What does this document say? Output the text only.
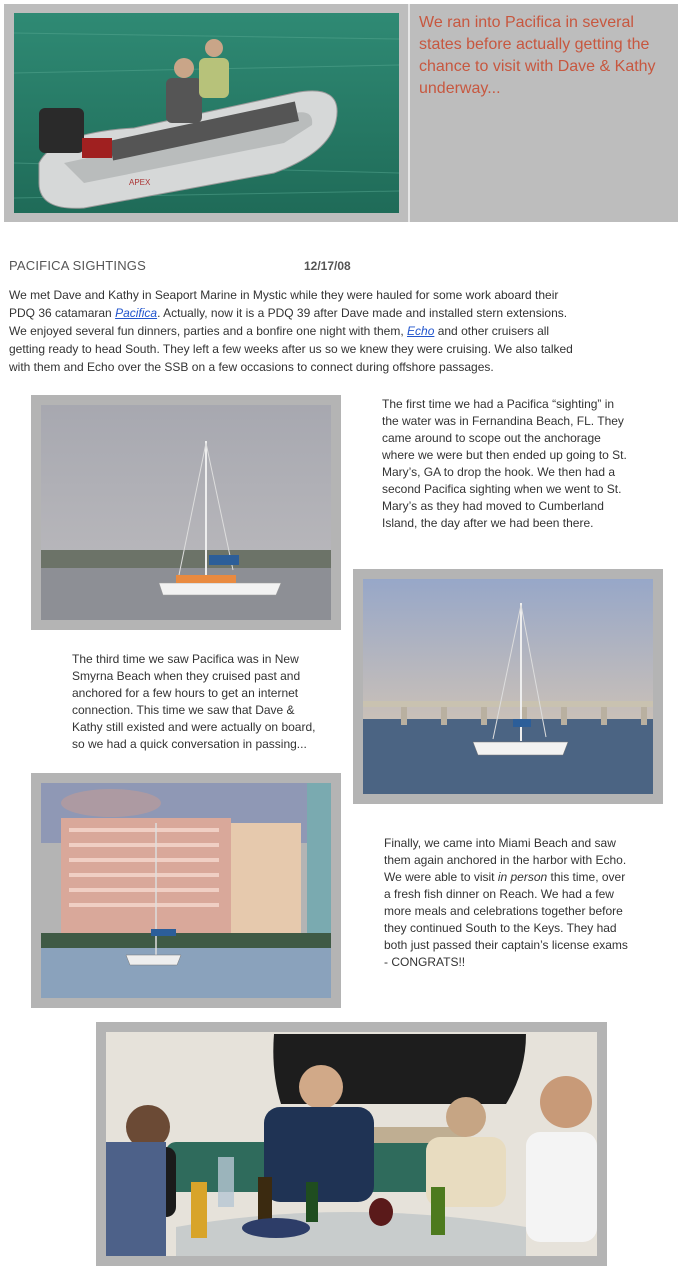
APEX
We ran into Pacifica in several states before actually getting the chance to visit with Dave & Kathy underway...
PACIFICA SIGHTINGS	12/17/08
We met Dave and Kathy in Seaport Marine in Mystic while they were hauled for some work aboard their PDQ 36 catamaran Pacifica. Actually, now it is a PDQ 39 after Dave made and installed stern extensions. We enjoyed several fun dinners, parties and a bonfire one night with them, Echo and other cruisers all getting ready to head South. They left a few weeks after us so we knew they were cruising. We also talked with them and Echo over the SSB on a few occasions to connect during offshore passages.
The first time we had a Pacifica “sighting” in the water was in Fernandina Beach, FL. They came around to scope out the anchorage where we were but then ended up going to St. Mary’s, GA to drop the hook. We then had a second Pacifica sighting when we went to St. Mary’s as they had moved to Cumberland Island, the day after we had been there.
The third time we saw Pacifica was in New Smyrna Beach when they cruised past and anchored for a few hours to get an internet connection. This time we saw that Dave & Kathy still existed and were actually on board, so we had a quick conversation in passing...
Finally, we came into Miami Beach and saw them again anchored in the harbor with Echo. We were able to visit in person this time, over a fresh fish dinner on Reach. We had a few more meals and celebrations together before they continued South to the Keys. They had both just passed their captain’s license exams - CONGRATS!!
